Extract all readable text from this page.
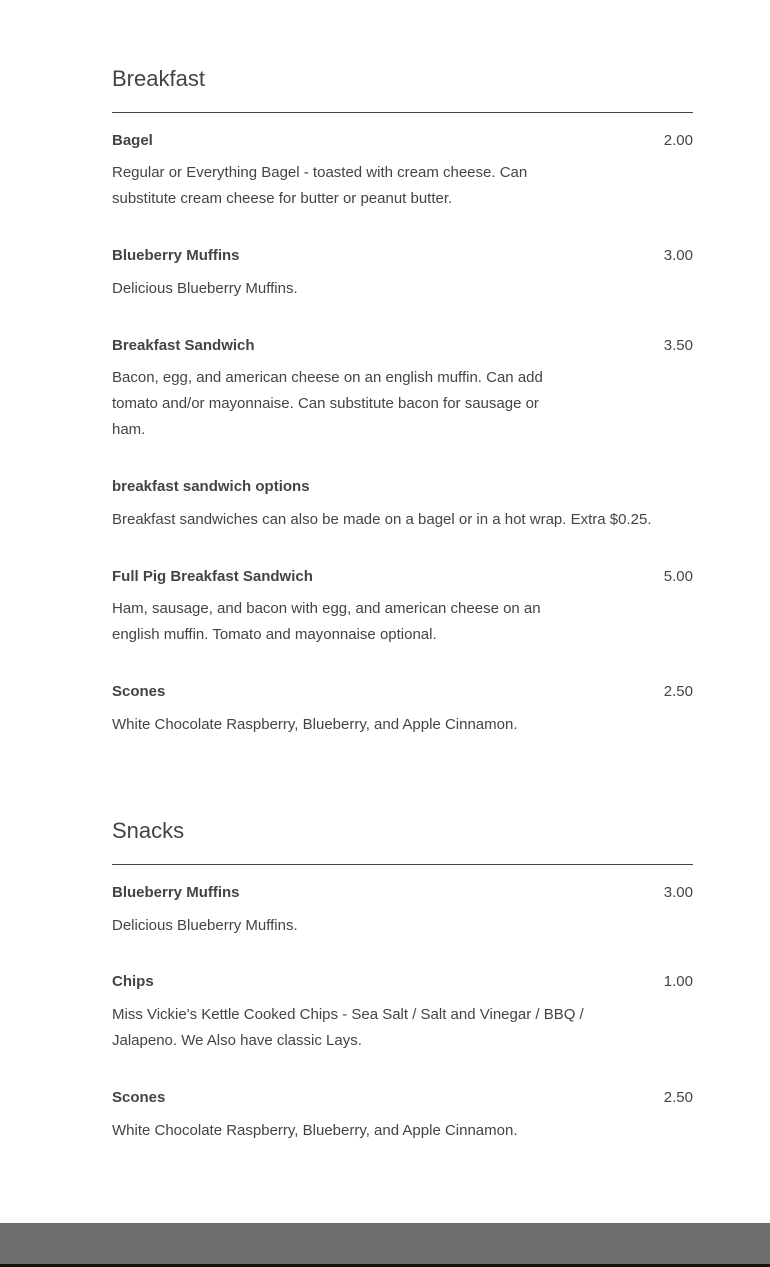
Breakfast
Bagel	2.00
Regular or Everything Bagel - toasted with cream cheese. Can substitute cream cheese for butter or peanut butter.
Blueberry Muffins	3.00
Delicious Blueberry Muffins.
Breakfast Sandwich	3.50
Bacon, egg, and american cheese on an english muffin. Can add tomato and/or mayonnaise. Can substitute bacon for sausage or ham.
breakfast sandwich options
Breakfast sandwiches can also be made on a bagel or in a hot wrap. Extra $0.25.
Full Pig Breakfast Sandwich	5.00
Ham, sausage, and bacon with egg, and american cheese on an english muffin. Tomato and mayonnaise optional.
Scones	2.50
White Chocolate Raspberry, Blueberry, and Apple Cinnamon.
Snacks
Blueberry Muffins	3.00
Delicious Blueberry Muffins.
Chips	1.00
Miss Vickie's Kettle Cooked Chips - Sea Salt / Salt and Vinegar / BBQ / Jalapeno. We Also have classic Lays.
Scones	2.50
White Chocolate Raspberry, Blueberry, and Apple Cinnamon.
